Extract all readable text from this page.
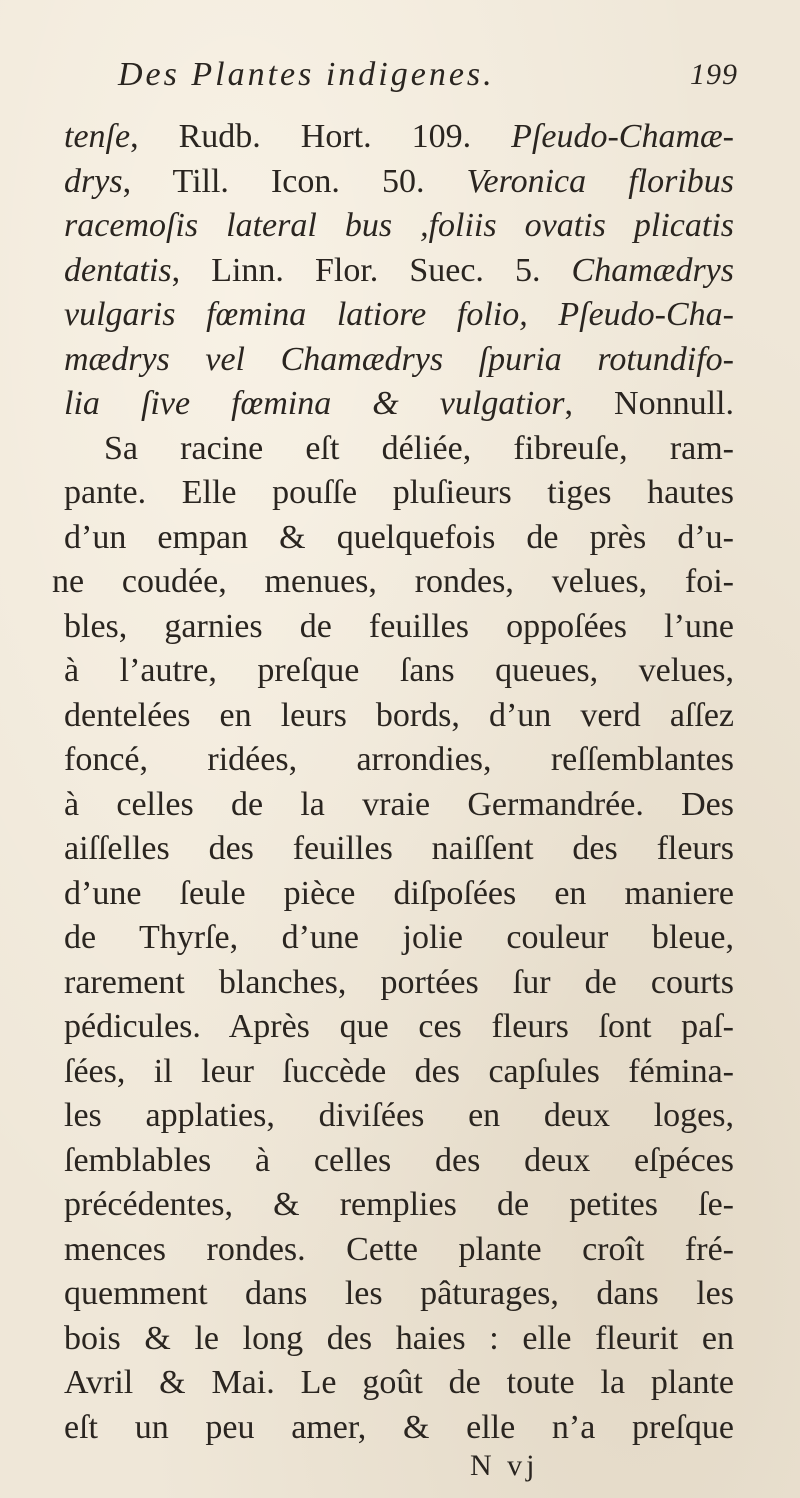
Des Plantes indigenes.	199
tenſe, Rudb. Hort. 109. Pſeudo-Chamæ-
drys, Till. Icon. 50. Veronica floribus
racemoſis lateral bus ,foliis ovatis plicatis
dentatis, Linn. Flor. Suec. 5. Chamædrys
vulgaris fœmina latiore folio, Pſeudo-Cha-
mædrys vel Chamædrys ſpuria rotundifo-
lia ſive fœmina & vulgatior, Nonnull.
Sa racine eſt déliée, fibreuſe, ram-
pante. Elle pouſſe pluſieurs tiges hautes
d’un empan & quelquefois de près d’u-
ne coudée, menues, rondes, velues, foi-
bles, garnies de feuilles oppoſées l’une
à l’autre, preſque ſans queues, velues,
dentelées en leurs bords, d’un verd aſſez
foncé, ridées, arrondies, reſſemblantes
à celles de la vraie Germandrée. Des
aiſſelles des feuilles naiſſent des fleurs
d’une ſeule pièce diſpoſées en maniere
de Thyrſe, d’une jolie couleur bleue,
rarement blanches, portées ſur de courts
pédicules. Après que ces fleurs ſont paſ-
ſées, il leur ſuccède des capſules fémina-
les applaties, diviſées en deux loges,
ſemblables à celles des deux eſpéces
précédentes, & remplies de petites ſe-
mences rondes. Cette plante croît fré-
quemment dans les pâturages, dans les
bois & le long des haies : elle fleurit en
Avril & Mai. Le goût de toute la plante
eſt un peu amer, & elle n’a preſque
N vj
